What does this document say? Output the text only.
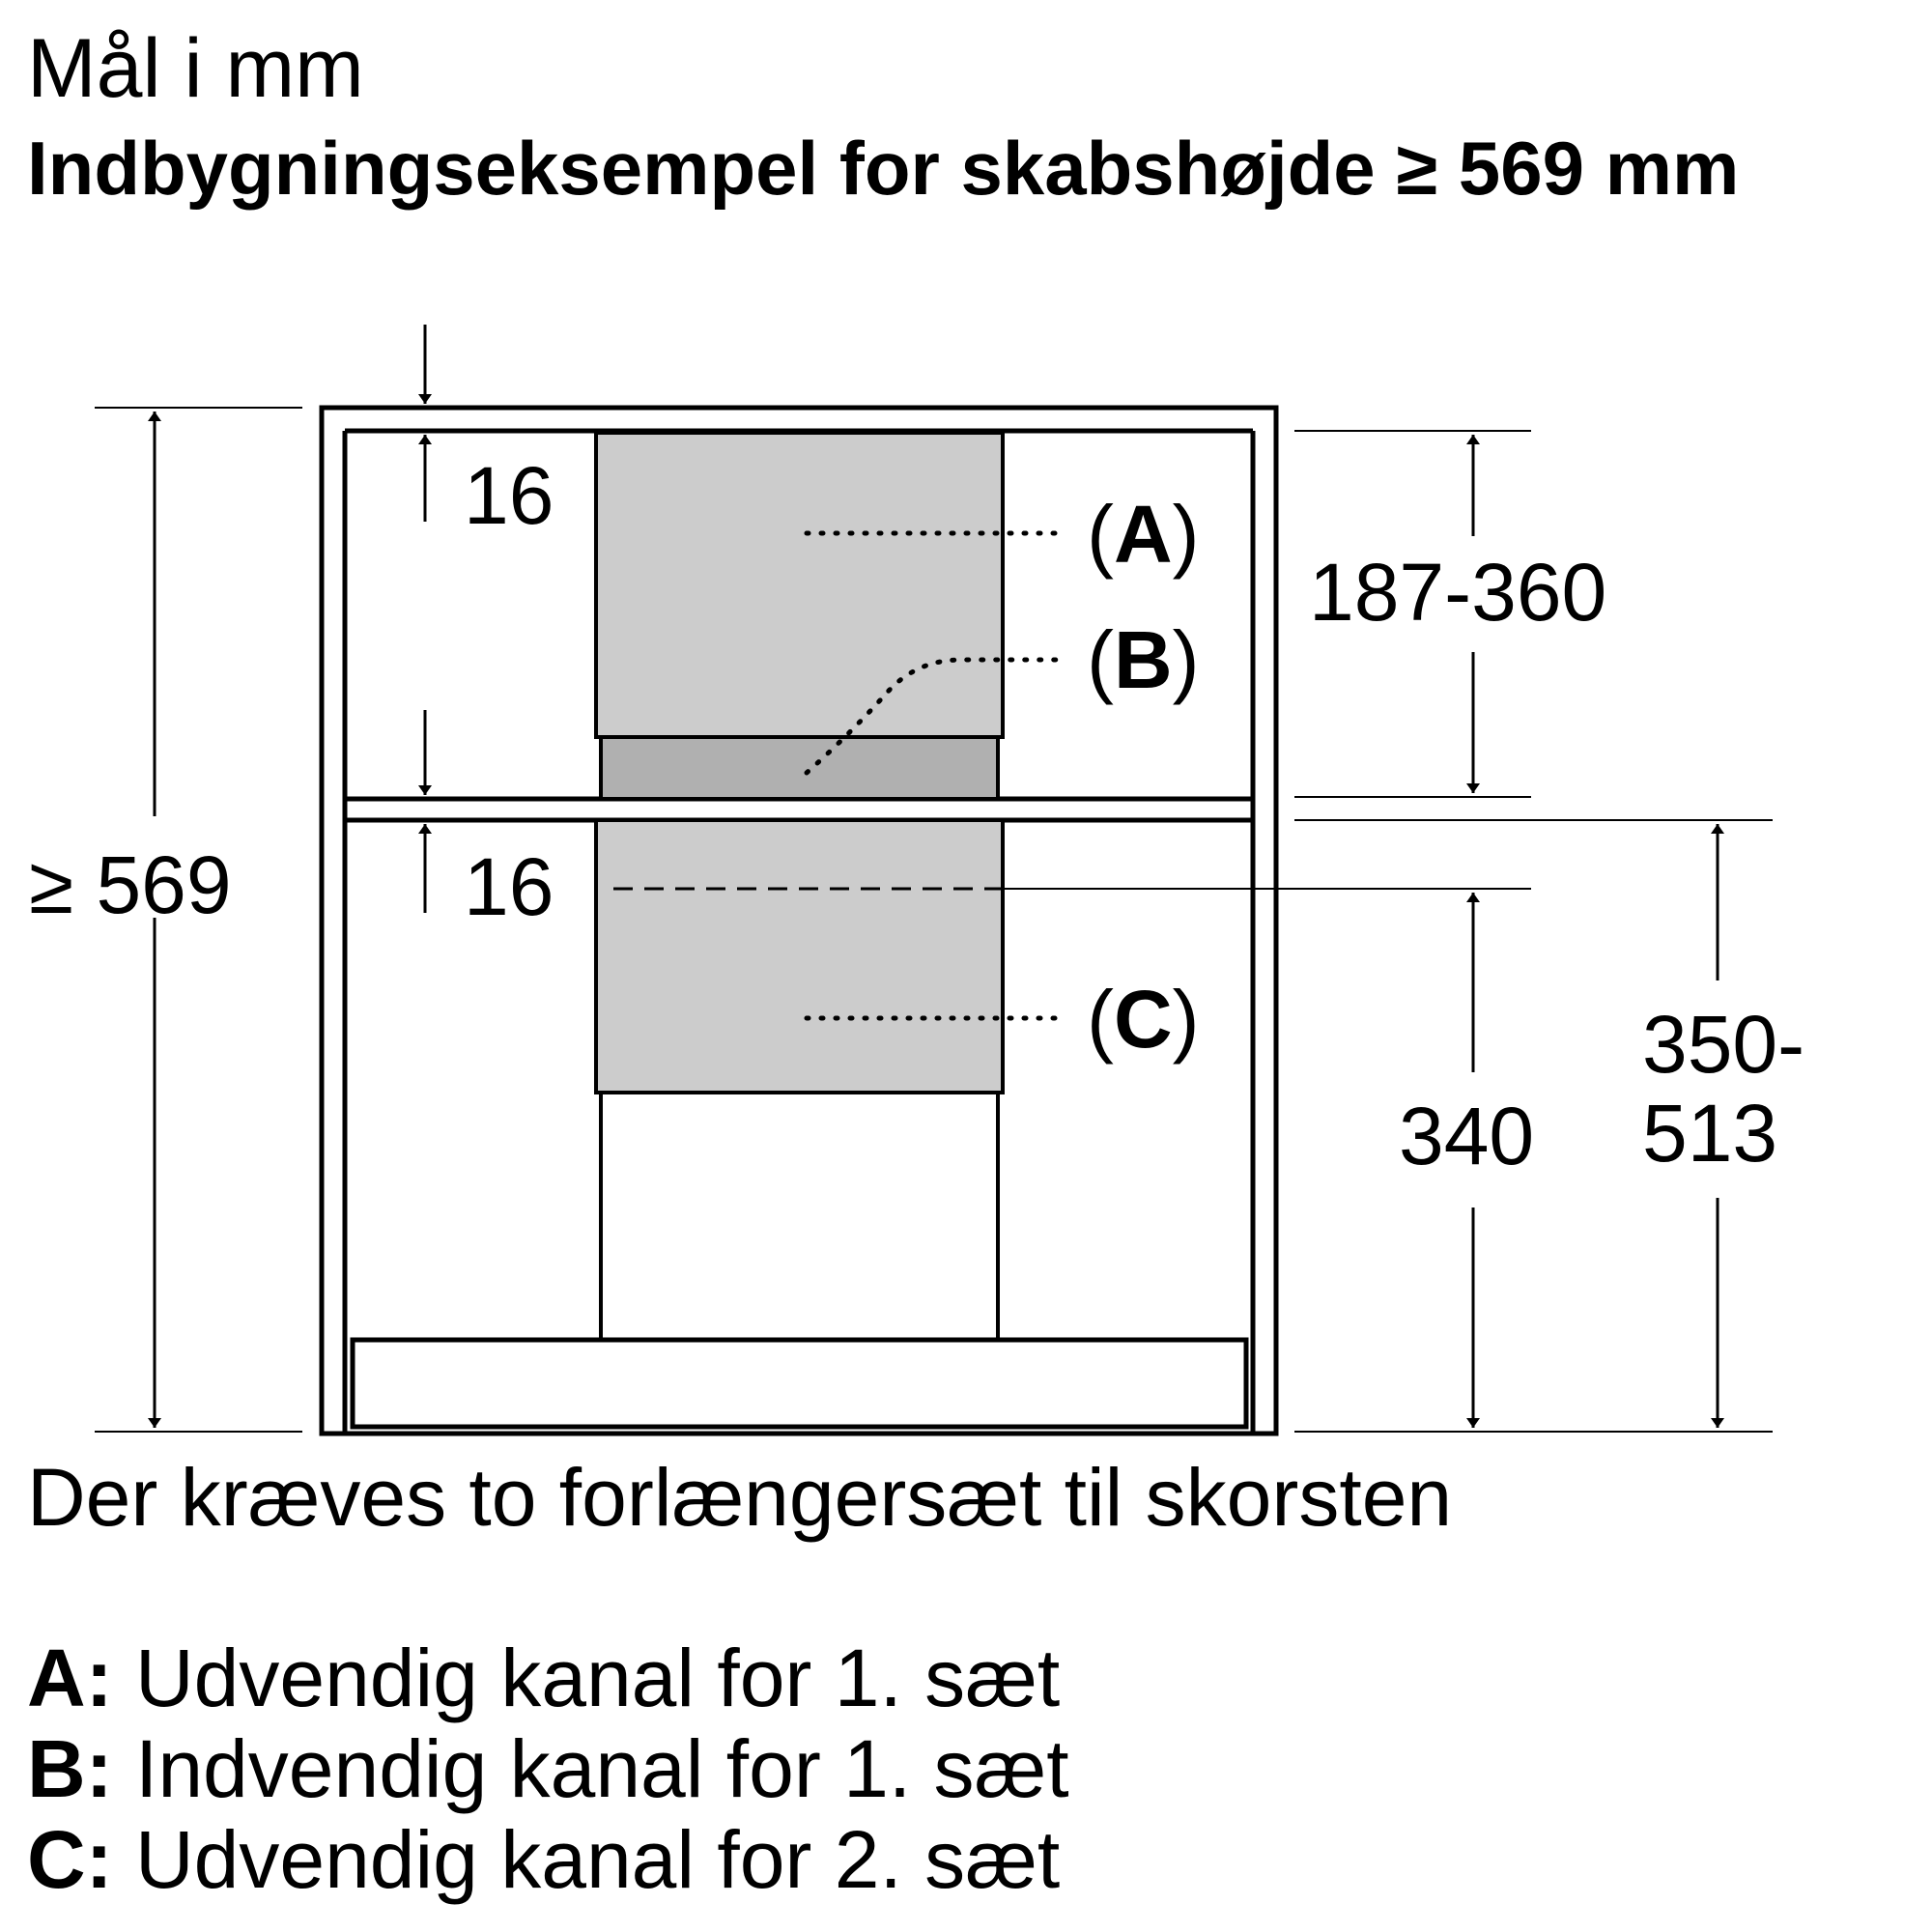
Mål i mm
Indbygningseksempel for skabshøjde ≥ 569 mm
(A)
(B)
(C)
≥ 569
16
16
187-360
340
350- 513

Der kræves to forlængersæt til skorsten

A: Udvendig kanal for 1. sæt
B: Indvendig kanal for 1. sæt
C: Udvendig kanal for 2. sæt
